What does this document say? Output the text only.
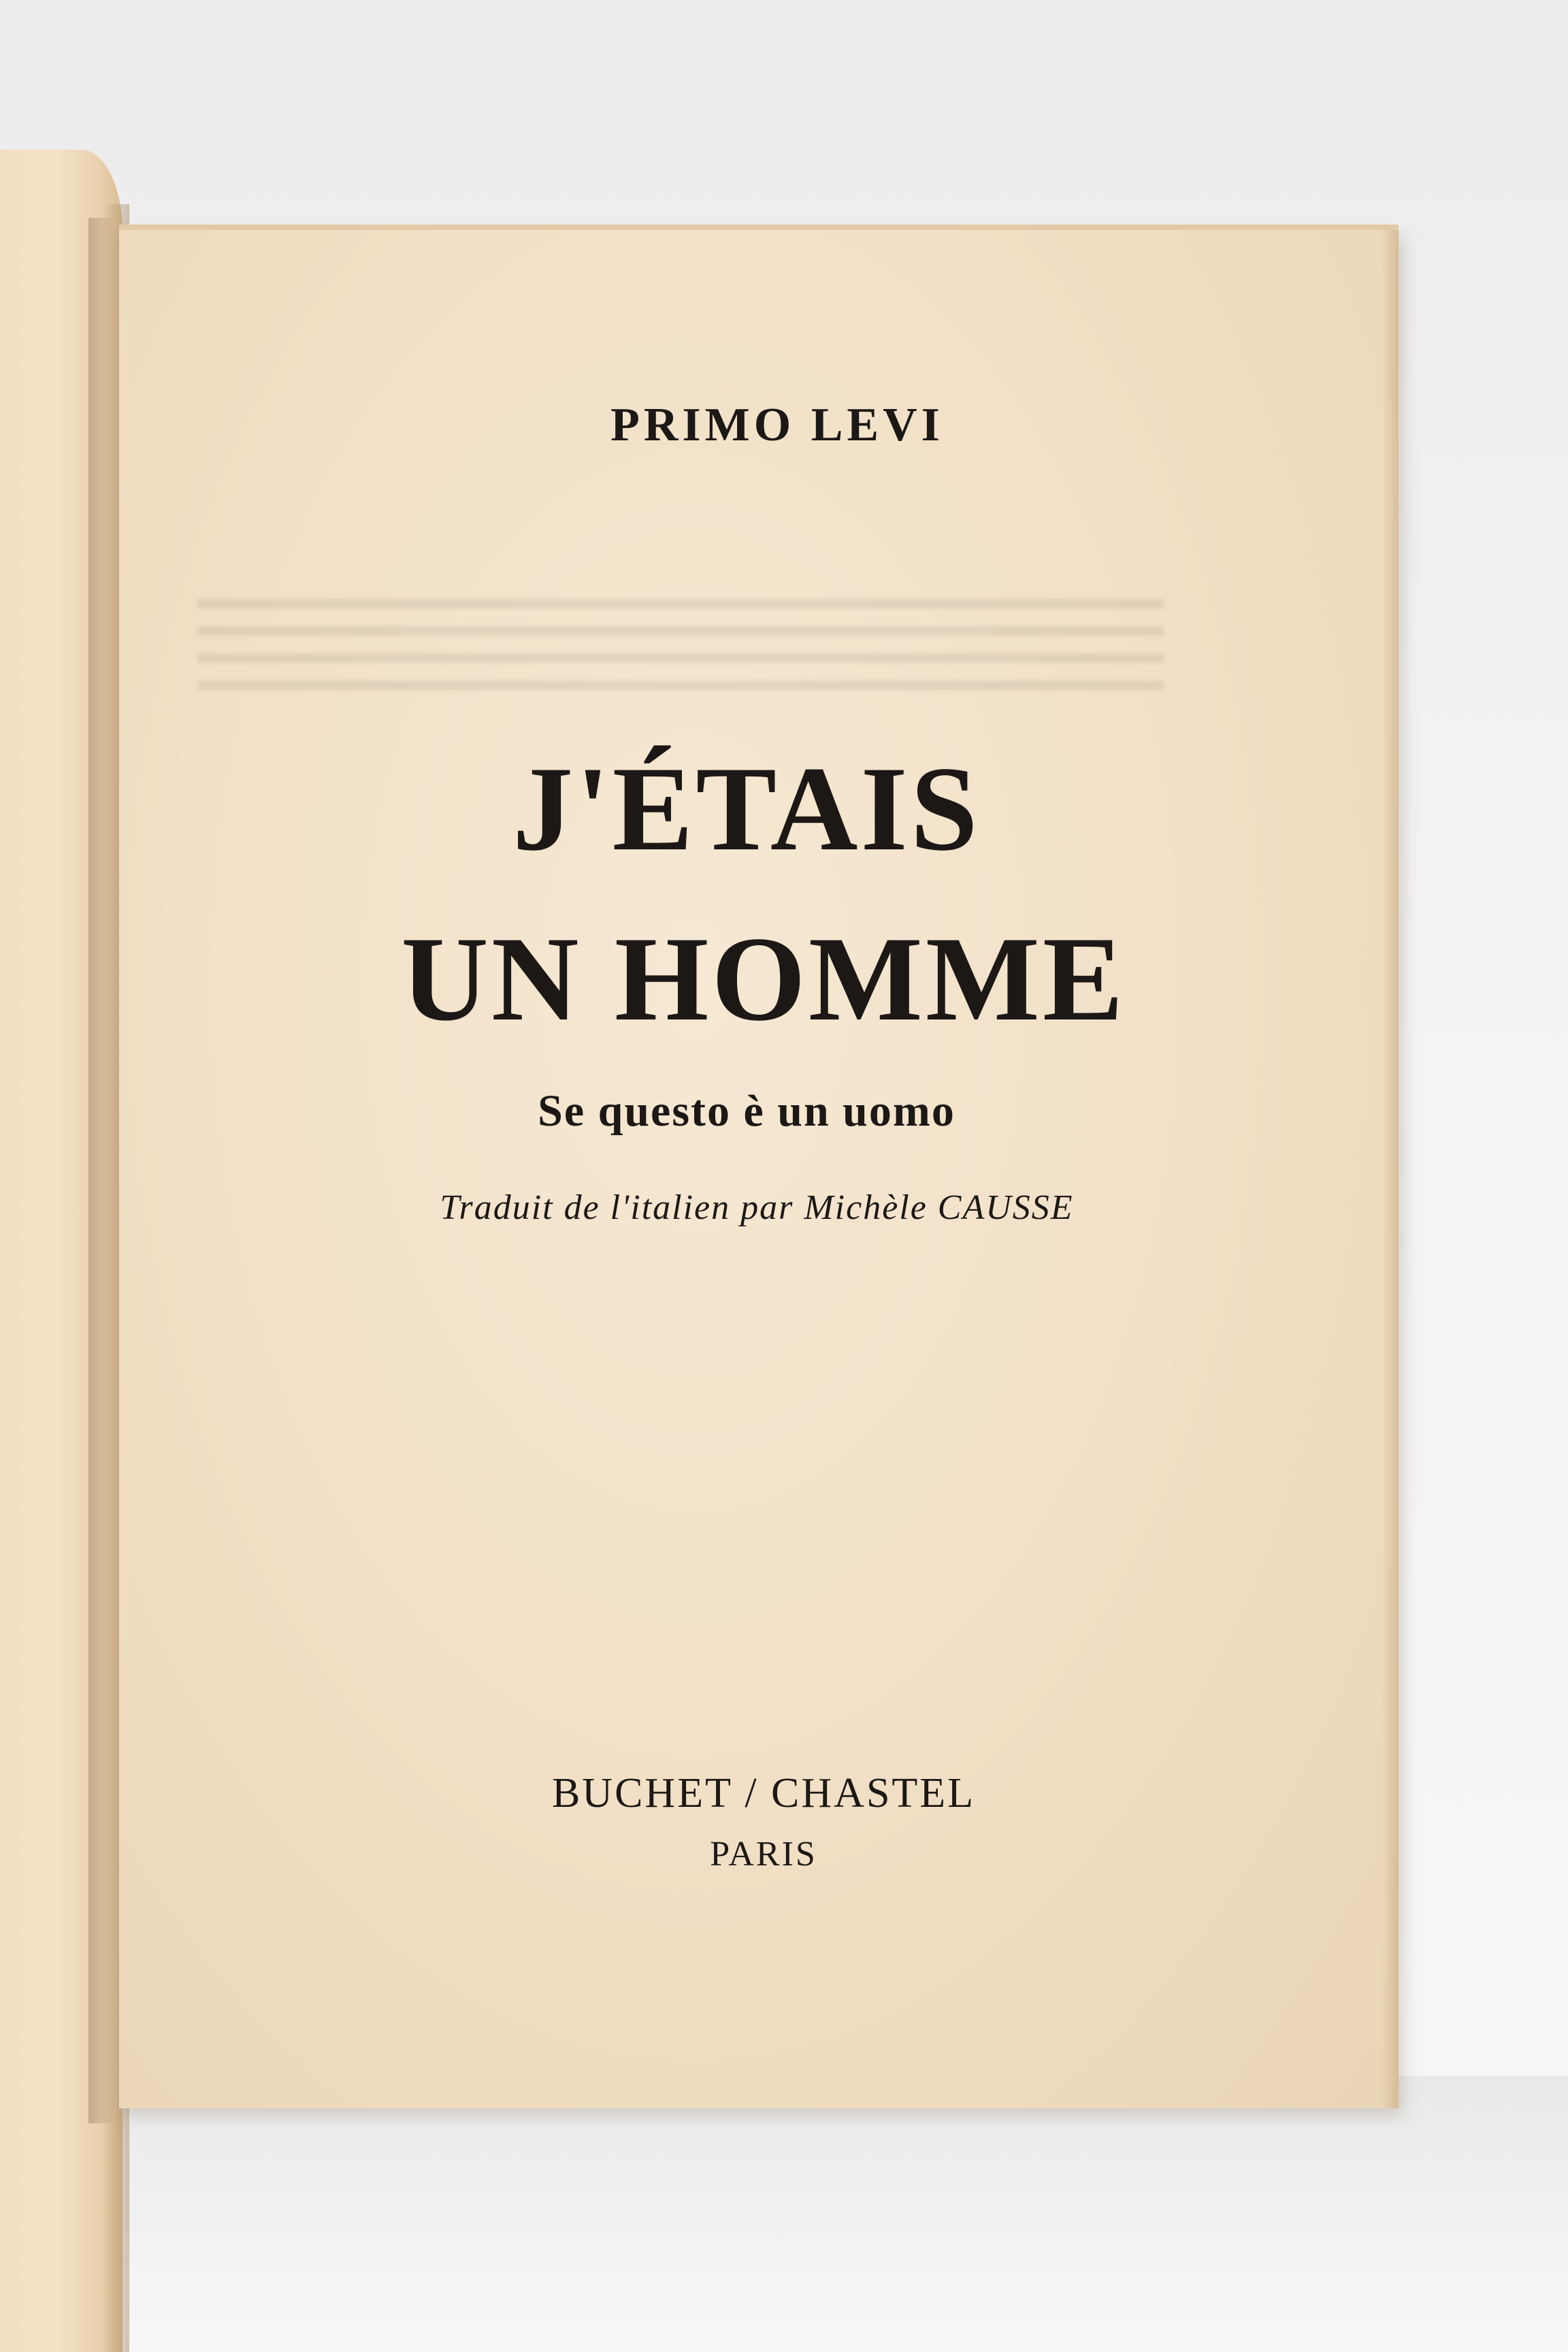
PRIMO LEVI
J'ÉTAIS
UN HOMME
Se questo è un uomo
Traduit de l'italien par Michèle CAUSSE
BUCHET / CHASTEL
PARIS
